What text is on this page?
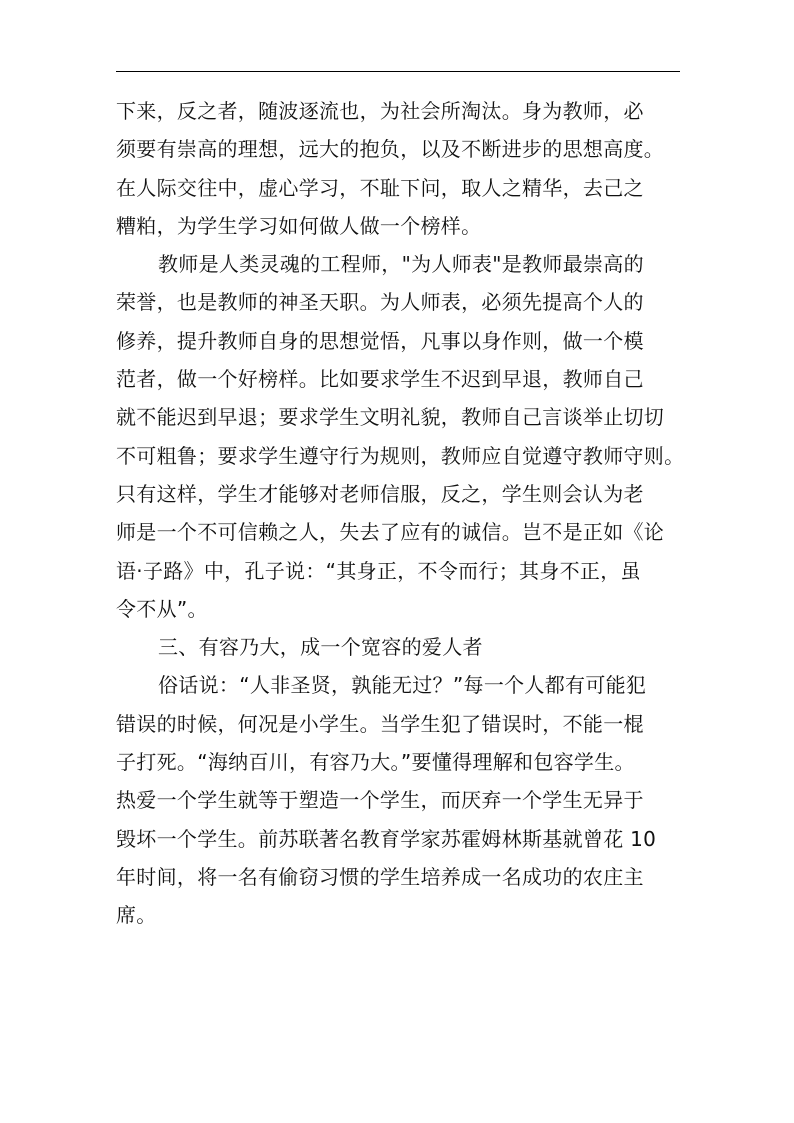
下来，反之者，随波逐流也，为社会所淘汰。身为教师，必
须要有崇高的理想，远大的抱负，以及不断进步的思想高度。
在人际交往中，虚心学习，不耻下问，取人之精华，去己之
糟粕，为学生学习如何做人做一个榜样。
教师是人类灵魂的工程师，"为人师表"是教师最崇高的
荣誉，也是教师的神圣天职。为人师表，必须先提高个人的
修养，提升教师自身的思想觉悟，凡事以身作则，做一个模
范者，做一个好榜样。比如要求学生不迟到早退，教师自己
就不能迟到早退；要求学生文明礼貌，教师自己言谈举止切切
不可粗鲁；要求学生遵守行为规则，教师应自觉遵守教师守则。
只有这样，学生才能够对老师信服，反之，学生则会认为老
师是一个不可信赖之人，失去了应有的诚信。岂不是正如《论
语·子路》中，孔子说：“其身正，不令而行；其身不正，虽
令不从”。
三、有容乃大，成一个宽容的爱人者
俗话说：“人非圣贤，孰能无过？”每一个人都有可能犯
错误的时候，何况是小学生。当学生犯了错误时，不能一棍
子打死。“海纳百川，有容乃大。”要懂得理解和包容学生。
热爱一个学生就等于塑造一个学生，而厌弃一个学生无异于
毁坏一个学生。前苏联著名教育学家苏霍姆林斯基就曾花 10
年时间，将一名有偷窃习惯的学生培养成一名成功的农庄主
席。
